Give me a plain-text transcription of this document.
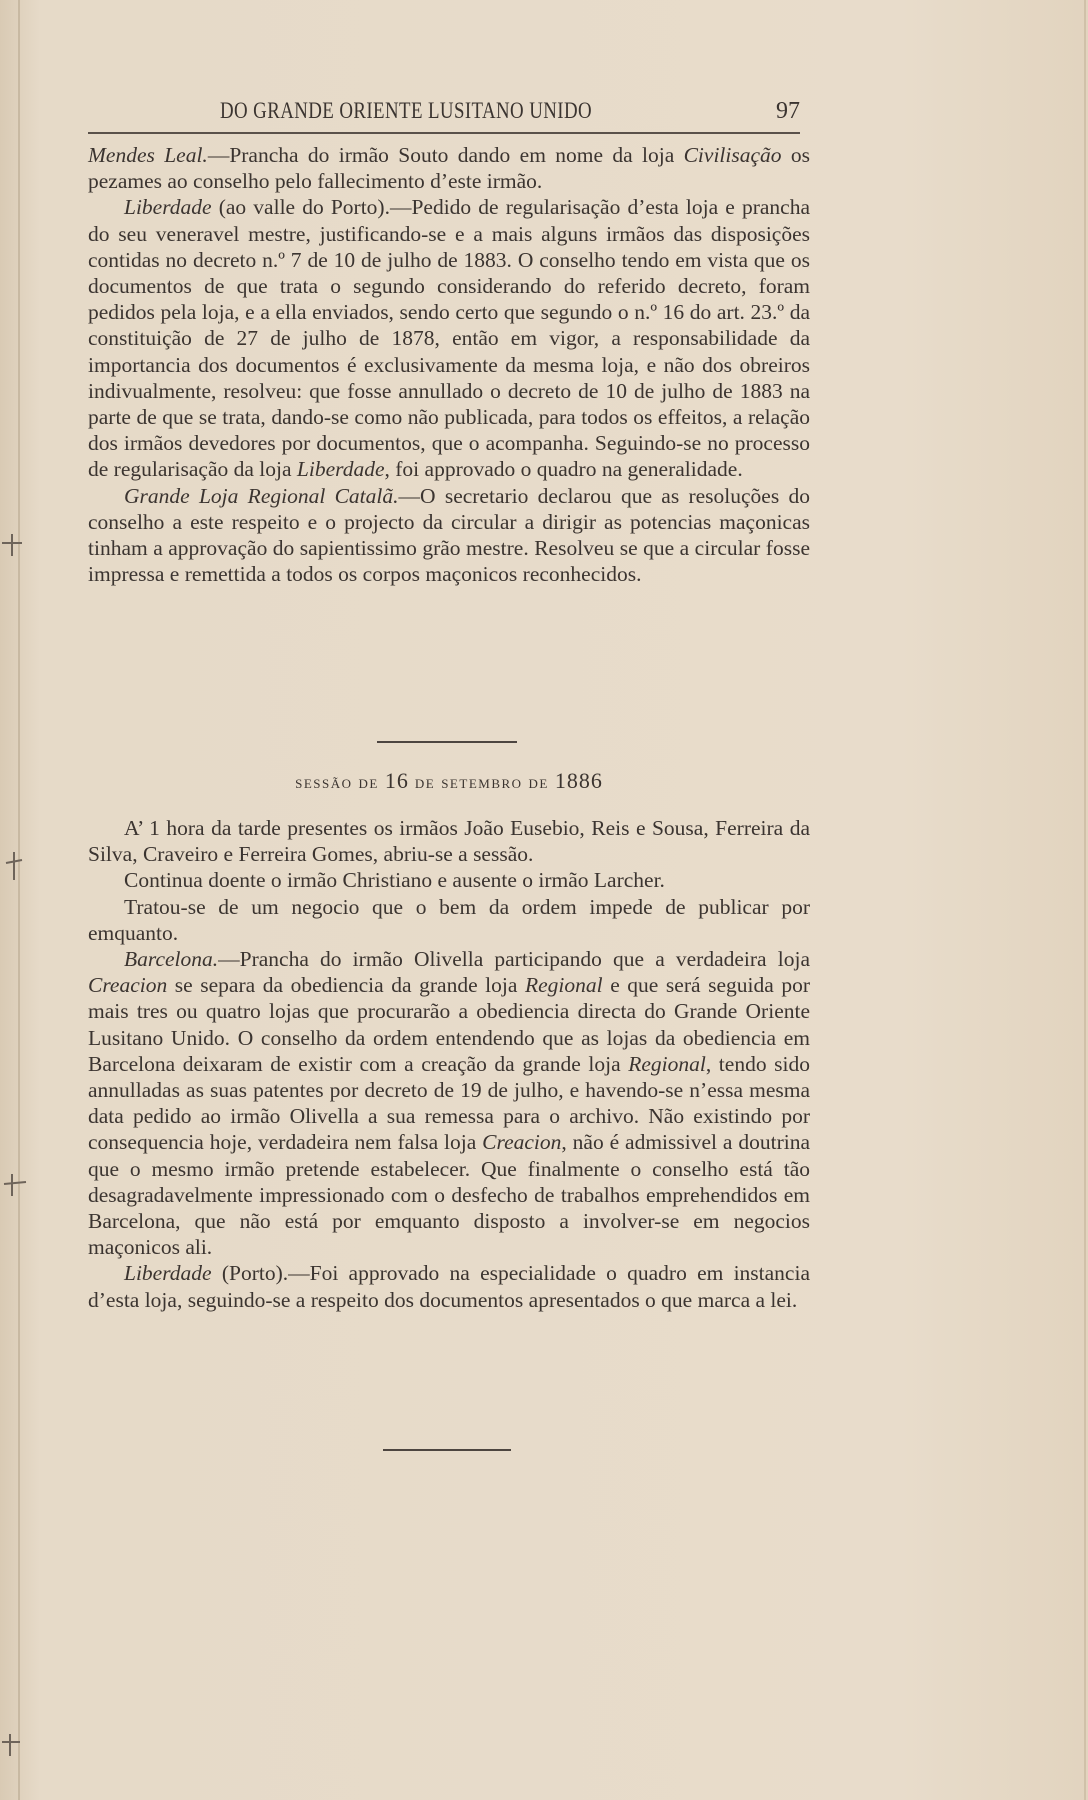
DO GRANDE ORIENTE LUSITANO UNIDO	97

Mendes Leal.—Prancha do irmão Souto dando em nome da loja Civilisação os pezames ao conselho pelo fallecimento d’este irmão.

Liberdade (ao valle do Porto).—Pedido de regularisação d’esta loja e prancha do seu veneravel mestre, justificando-se e a mais alguns irmãos das disposições contidas no decreto n.º 7 de 10 de julho de 1883. O conselho tendo em vista que os documentos de que trata o segundo considerando do referido decreto, foram pedidos pela loja, e a ella enviados, sendo certo que segundo o n.º 16 do art. 23.º da constituição de 27 de julho de 1878, então em vigor, a responsabilidade da importancia dos documentos é exclusivamente da mesma loja, e não dos obreiros indivualmente, resolveu: que fosse annullado o decreto de 10 de julho de 1883 na parte de que se trata, dando-se como não publicada, para todos os effeitos, a relação dos irmãos devedores por documentos, que o acompanha. Seguindo-se no processo de regularisação da loja Liberdade, foi approvado o quadro na generalidade.

Grande Loja Regional Catalã.—O secretario declarou que as resoluções do conselho a este respeito e o projecto da circular a dirigir as potencias maçonicas tinham a approvação do sapientissimo grão mestre. Resolveu se que a circular fosse impressa e remettida a todos os corpos maçonicos reconhecidos.

SESSÃO DE 16 DE SETEMBRO DE 1886

A’ 1 hora da tarde presentes os irmãos João Eusebio, Reis e Sousa, Ferreira da Silva, Craveiro e Ferreira Gomes, abriu-se a sessão.

Continua doente o irmão Christiano e ausente o irmão Larcher.

Tratou-se de um negocio que o bem da ordem impede de publicar por emquanto.

Barcelona.—Prancha do irmão Olivella participando que a verdadeira loja Creacion se separa da obediencia da grande loja Regional e que será seguida por mais tres ou quatro lojas que procurarão a obediencia directa do Grande Oriente Lusitano Unido. O conselho da ordem entendendo que as lojas da obediencia em Barcelona deixaram de existir com a creação da grande loja Regional, tendo sido annulladas as suas patentes por decreto de 19 de julho, e havendo-se n’essa mesma data pedido ao irmão Olivella a sua remessa para o archivo. Não existindo por consequencia hoje, verdadeira nem falsa loja Creacion, não é admissivel a doutrina que o mesmo irmão pretende estabelecer. Que finalmente o conselho está tão desagradavelmente impressionado com o desfecho de trabalhos emprehendidos em Barcelona, que não está por emquanto disposto a involver-se em negocios maçonicos ali.

Liberdade (Porto).—Foi approvado na especialidade o quadro em instancia d’esta loja, seguindo-se a respeito dos documentos apresentados o que marca a lei.
